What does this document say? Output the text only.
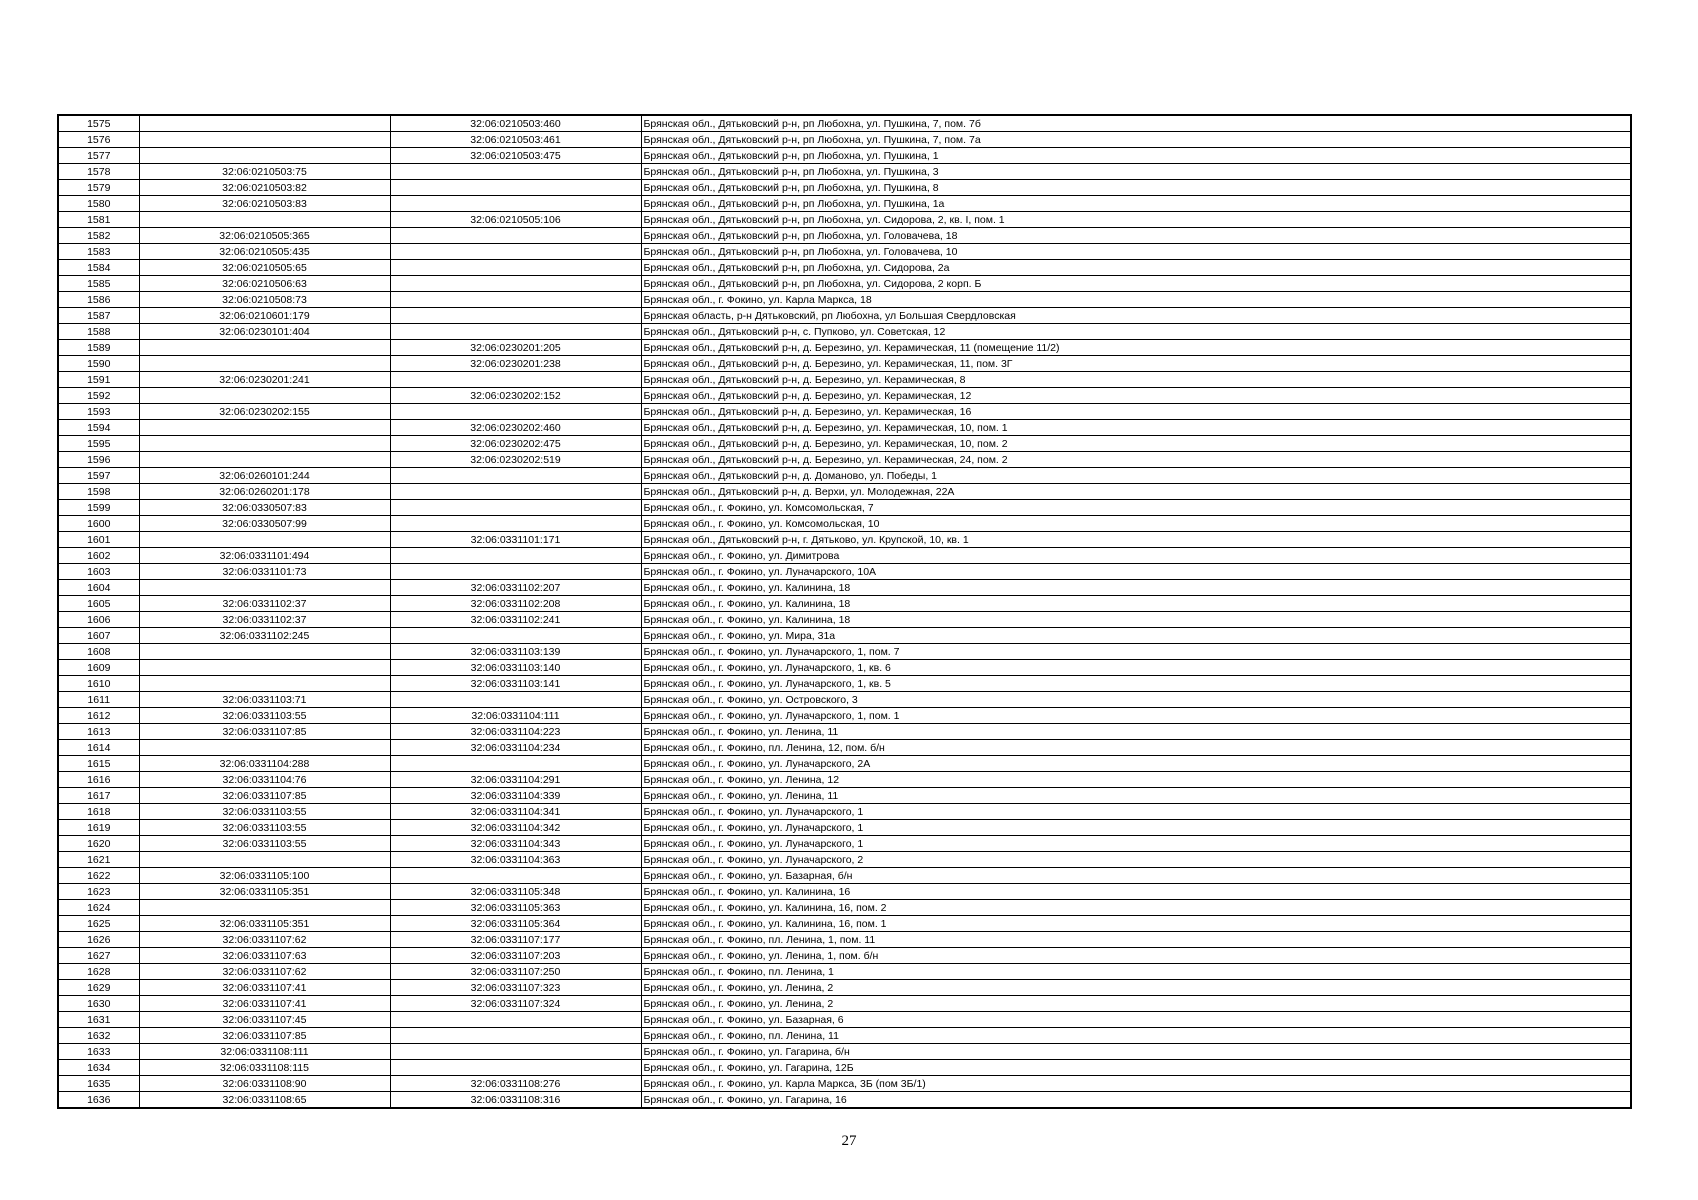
1575		32:06:0210503:460	Брянская обл., Дятьковский р-н, рп Любохна, ул. Пушкина, 7, пом. 7б
1576		32:06:0210503:461	Брянская обл., Дятьковский р-н, рп Любохна, ул. Пушкина, 7, пом. 7а
1577		32:06:0210503:475	Брянская обл., Дятьковский р-н, рп Любохна, ул. Пушкина, 1
1578	32:06:0210503:75		Брянская обл., Дятьковский р-н, рп Любохна, ул. Пушкина, 3
1579	32:06:0210503:82		Брянская обл., Дятьковский р-н, рп Любохна, ул. Пушкина, 8
1580	32:06:0210503:83		Брянская обл., Дятьковский р-н, рп Любохна, ул. Пушкина, 1а
1581		32:06:0210505:106	Брянская обл., Дятьковский р-н, рп Любохна, ул. Сидорова, 2, кв. I, пом. 1
1582	32:06:0210505:365		Брянская обл., Дятьковский р-н, рп Любохна, ул. Головачева, 18
1583	32:06:0210505:435		Брянская обл., Дятьковский р-н, рп Любохна, ул. Головачева, 10
1584	32:06:0210505:65		Брянская обл., Дятьковский р-н, рп Любохна, ул. Сидорова, 2а
1585	32:06:0210506:63		Брянская обл., Дятьковский р-н, рп Любохна, ул. Сидорова, 2 корп. Б
1586	32:06:0210508:73		Брянская обл., г. Фокино, ул. Карла Маркса, 18
1587	32:06:0210601:179		Брянская область, р-н Дятьковский, рп Любохна, ул Большая Свердловская
1588	32:06:0230101:404		Брянская обл., Дятьковский р-н, с. Пупково, ул. Советская, 12
1589		32:06:0230201:205	Брянская обл., Дятьковский р-н, д. Березино, ул. Керамическая, 11 (помещение 11/2)
1590		32:06:0230201:238	Брянская обл., Дятьковский р-н, д. Березино, ул. Керамическая, 11, пом. 3Г
1591	32:06:0230201:241		Брянская обл., Дятьковский р-н, д. Березино, ул. Керамическая, 8
1592		32:06:0230202:152	Брянская обл., Дятьковский р-н, д. Березино, ул. Керамическая, 12
1593	32:06:0230202:155		Брянская обл., Дятьковский р-н, д. Березино, ул. Керамическая, 16
1594		32:06:0230202:460	Брянская обл., Дятьковский р-н, д. Березино, ул. Керамическая, 10, пом. 1
1595		32:06:0230202:475	Брянская обл., Дятьковский р-н, д. Березино, ул. Керамическая, 10, пом. 2
1596		32:06:0230202:519	Брянская обл., Дятьковский р-н, д. Березино, ул. Керамическая, 24, пом. 2
1597	32:06:0260101:244		Брянская обл., Дятьковский р-н, д. Доманово, ул. Победы, 1
1598	32:06:0260201:178		Брянская обл., Дятьковский р-н, д. Верхи, ул. Молодежная, 22А
1599	32:06:0330507:83		Брянская обл., г. Фокино, ул. Комсомольская, 7
1600	32:06:0330507:99		Брянская обл., г. Фокино, ул. Комсомольская, 10
1601		32:06:0331101:171	Брянская обл., Дятьковский р-н, г. Дятьково, ул. Крупской, 10, кв. 1
1602	32:06:0331101:494		Брянская обл., г. Фокино, ул. Димитрова
1603	32:06:0331101:73		Брянская обл., г. Фокино, ул. Луначарского, 10А
1604		32:06:0331102:207	Брянская обл., г. Фокино, ул. Калинина, 18
1605	32:06:0331102:37	32:06:0331102:208	Брянская обл., г. Фокино, ул. Калинина, 18
1606	32:06:0331102:37	32:06:0331102:241	Брянская обл., г. Фокино, ул. Калинина, 18
1607	32:06:0331102:245		Брянская обл., г. Фокино, ул. Мира, 31а
1608		32:06:0331103:139	Брянская обл., г. Фокино, ул. Луначарского, 1, пом. 7
1609		32:06:0331103:140	Брянская обл., г. Фокино, ул. Луначарского, 1, кв. 6
1610		32:06:0331103:141	Брянская обл., г. Фокино, ул. Луначарского, 1, кв. 5
1611	32:06:0331103:71		Брянская обл., г. Фокино, ул. Островского, 3
1612	32:06:0331103:55	32:06:0331104:111	Брянская обл., г. Фокино, ул. Луначарского, 1, пом. 1
1613	32:06:0331107:85	32:06:0331104:223	Брянская обл., г. Фокино, ул. Ленина, 11
1614		32:06:0331104:234	Брянская обл., г. Фокино, пл. Ленина, 12, пом. б/н
1615	32:06:0331104:288		Брянская обл., г. Фокино, ул. Луначарского, 2А
1616	32:06:0331104:76	32:06:0331104:291	Брянская обл., г. Фокино, ул. Ленина, 12
1617	32:06:0331107:85	32:06:0331104:339	Брянская обл., г. Фокино, ул. Ленина, 11
1618	32:06:0331103:55	32:06:0331104:341	Брянская обл., г. Фокино, ул. Луначарского, 1
1619	32:06:0331103:55	32:06:0331104:342	Брянская обл., г. Фокино, ул. Луначарского, 1
1620	32:06:0331103:55	32:06:0331104:343	Брянская обл., г. Фокино, ул. Луначарского, 1
1621		32:06:0331104:363	Брянская обл., г. Фокино, ул. Луначарского, 2
1622	32:06:0331105:100		Брянская обл., г. Фокино, ул. Базарная, б/н
1623	32:06:0331105:351	32:06:0331105:348	Брянская обл., г. Фокино, ул. Калинина, 16
1624		32:06:0331105:363	Брянская обл., г. Фокино, ул. Калинина, 16, пом. 2
1625	32:06:0331105:351	32:06:0331105:364	Брянская обл., г. Фокино, ул. Калинина, 16, пом. 1
1626	32:06:0331107:62	32:06:0331107:177	Брянская обл., г. Фокино, пл. Ленина, 1, пом. 11
1627	32:06:0331107:63	32:06:0331107:203	Брянская обл., г. Фокино, ул. Ленина, 1, пом. б/н
1628	32:06:0331107:62	32:06:0331107:250	Брянская обл., г. Фокино, пл. Ленина, 1
1629	32:06:0331107:41	32:06:0331107:323	Брянская обл., г. Фокино, ул. Ленина, 2
1630	32:06:0331107:41	32:06:0331107:324	Брянская обл., г. Фокино, ул. Ленина, 2
1631	32:06:0331107:45		Брянская обл., г. Фокино, ул. Базарная, 6
1632	32:06:0331107:85		Брянская обл., г. Фокино, пл. Ленина, 11
1633	32:06:0331108:111		Брянская обл., г. Фокино, ул. Гагарина, б/н
1634	32:06:0331108:115		Брянская обл., г. Фокино, ул. Гагарина, 12Б
1635	32:06:0331108:90	32:06:0331108:276	Брянская обл., г. Фокино, ул. Карла Маркса, 3Б (пом 3Б/1)
1636	32:06:0331108:65	32:06:0331108:316	Брянская обл., г. Фокино, ул. Гагарина, 16
27
